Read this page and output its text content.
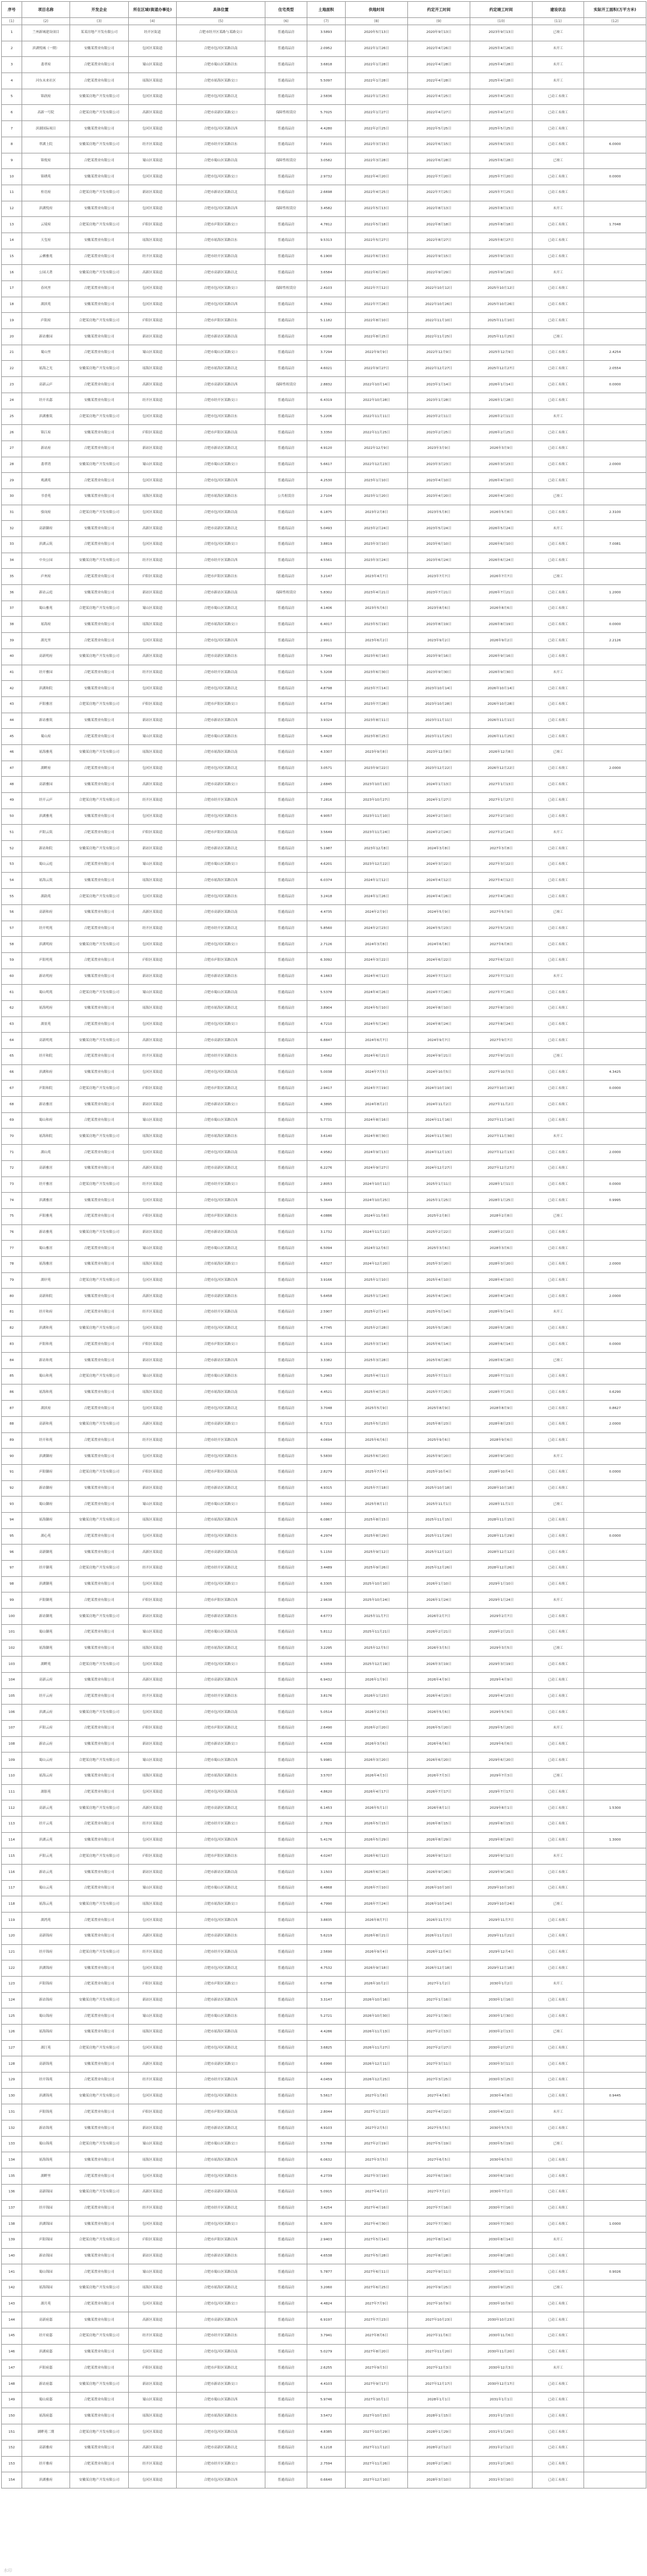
序号	项目名称	开发企业	所在区域(街道办事处)	具体位置	住宅类型	土地面积	供地时间	约定开工时间	约定竣工时间	建设状态	实际开工面积(万平方米)
(1)	(2)	(3)	(4)	(5)	(6)	(7)	(8)	(9)	(10)	(11)	(12)
1	兰州新城建设项目	某某房地产开发有限公司	经开区街道	合肥市经开区某路与某路交口	普通商品房	3.5893	2020年5月13日	2020年9月13日	2023年9月13日	已竣工	
2	滨湖悦城（一期）	安徽某置业有限公司	包河区某街道	合肥市包河区某路以南	普通商品房	2.0952	2022年1月26日	2022年4月26日	2025年4月26日	未开工	
3	翡翠府	合肥某置业有限公司	蜀山区某街道	合肥市蜀山区某路以东	普通商品房	3.6818	2022年1月28日	2022年4月28日	2025年4月28日	未开工	
4	河东未来社区	合肥某置业有限公司	瑶海区某街道	合肥市瑶海区某路交口	普通商品房	5.5097	2022年1月28日	2022年4月28日	2025年4月28日	未开工	
5	锦润府	安徽某房地产开发有限公司	包河区某街道	合肥市包河区某路以北	普通商品房	2.5836	2022年1月25日	2022年4月25日	2025年4月25日	已动工未竣工	
6	高新一号院	合肥某房地产开发有限公司	高新区某街道	合肥市高新区某路交口	保障性租赁房	5.7025	2022年1月27日	2022年4月27日	2025年4月27日	已动工未竣工	
7	滨湖国际项目	安徽某置业有限公司	包河区某街道	合肥市包河区某路以西	普通商品房	4.4280	2022年2月25日	2022年5月25日	2025年5月25日	已动工未竣工	
8	翠湖上院	安徽某房地产开发有限公司	经开区某街道	合肥市经开区某路以东	普通商品房	7.8101	2022年3月15日	2022年6月15日	2025年6月15日	已动工未竣工	6.0000
9	锦悦府	合肥某置业有限公司	蜀山区某街道	合肥市蜀山区某路以南	保障性租赁房	3.0582	2022年3月28日	2022年6月28日	2025年6月28日	已竣工	
10	锦绣苑	安徽某置业有限公司	包河区某街道	合肥市包河区某路交口	普通商品房	2.9732	2022年4月20日	2022年7月20日	2025年7月20日	已动工未竣工	0.0000
11	桂语府	合肥某房地产开发有限公司	新站区某街道	合肥市新站区某路以北	普通商品房	2.6698	2022年4月25日	2022年7月25日	2025年7月25日	已动工未竣工	
12	滨湖悦府	安徽某置业有限公司	包河区某街道	合肥市包河区某路以西	保障性租赁房	3.4582	2022年5月13日	2022年8月13日	2025年8月13日	未开工	
13	云境府	合肥某房地产开发有限公司	庐阳区某街道	合肥市庐阳区某路交口	普通商品房	4.7812	2022年5月18日	2022年8月18日	2025年8月18日	已动工未竣工	1.7048
14	天玺府	安徽某置业有限公司	瑶海区某街道	合肥市瑶海区某路以东	普通商品房	9.5313	2022年5月27日	2022年8月27日	2025年8月27日	已动工未竣工	
15	云栖雅苑	合肥某置业有限公司	经开区某街道	合肥市经开区某路以南	普通商品房	6.1900	2022年6月15日	2022年9月15日	2025年9月15日	已动工未竣工	
16	公园天著	安徽某房地产开发有限公司	高新区某街道	合肥市高新区某路以北	普通商品房	3.6584	2022年6月29日	2022年9月29日	2025年9月29日	未开工	
17	春风里	合肥某置业有限公司	包河区某街道	合肥市包河区某路交口	保障性租赁房	2.4103	2022年7月12日	2022年10月12日	2025年10月12日	已动工未竣工	
18	湖滨苑	安徽某置业有限公司	包河区某街道	合肥市包河区某路以西	普通商品房	4.3592	2022年7月26日	2022年10月26日	2025年10月26日	已动工未竣工	
19	庐阳府	合肥某房地产开发有限公司	庐阳区某街道	合肥市庐阳区某路以东	普通商品房	5.1182	2022年8月10日	2022年11月10日	2025年11月10日	已动工未竣工	
20	新站雅园	安徽某置业有限公司	新站区某街道	合肥市新站区某路以南	普通商品房	4.0268	2022年8月25日	2022年11月25日	2025年11月25日	已竣工	
21	蜀山里	合肥某置业有限公司	蜀山区某街道	合肥市蜀山区某路交口	普通商品房	3.7294	2022年9月9日	2022年12月9日	2025年12月9日	已动工未竣工	2.4254
22	瑶海之光	安徽某房地产开发有限公司	瑶海区某街道	合肥市瑶海区某路以北	普通商品房	4.6021	2022年9月27日	2022年12月27日	2025年12月27日	已动工未竣工	2.0554
23	高新云庐	合肥某置业有限公司	高新区某街道	合肥市高新区某路以西	保障性租赁房	2.8832	2022年10月14日	2023年1月14日	2026年1月14日	已动工未竣工	0.0000
24	经开名邸	安徽某置业有限公司	经开区某街道	合肥市经开区某路交口	普通商品房	6.4319	2022年10月28日	2023年1月28日	2026年1月28日	已动工未竣工	
25	滨湖雅筑	合肥某房地产开发有限公司	包河区某街道	合肥市包河区某路以东	普通商品房	5.2206	2022年11月11日	2023年2月11日	2026年2月11日	未开工	
26	锦江府	安徽某置业有限公司	庐阳区某街道	合肥市庐阳区某路以南	普通商品房	3.3350	2022年11月25日	2023年2月25日	2026年2月25日	已动工未竣工	
27	新站府	合肥某置业有限公司	新站区某街道	合肥市新站区某路以北	普通商品房	4.9120	2022年12月9日	2023年3月9日	2026年3月9日	已动工未竣工	
28	翡翠湾	安徽某房地产开发有限公司	蜀山区某街道	合肥市蜀山区某路交口	普通商品房	5.6617	2022年12月23日	2023年3月23日	2026年3月23日	已动工未竣工	2.0000
29	观湖苑	合肥某置业有限公司	包河区某街道	合肥市包河区某路以西	普通商品房	4.2530	2023年1月10日	2023年4月10日	2026年4月10日	已动工未竣工	
30	书香苑	安徽某置业有限公司	瑶海区某街道	合肥市瑶海区某路以东	公共租赁房	2.7104	2023年1月20日	2023年4月20日	2026年4月20日	已竣工	
31	骆岗府	合肥某房地产开发有限公司	包河区某街道	合肥市包河区某路以南	普通商品房	6.1875	2023年2月8日	2023年5月8日	2026年5月8日	已动工未竣工	2.3100
32	高新御府	安徽某置业有限公司	高新区某街道	合肥市高新区某路以北	普通商品房	5.0493	2023年2月24日	2023年5月24日	2026年5月24日	未开工	
33	滨湖云筑	合肥某置业有限公司	包河区某街道	合肥市包河区某路交口	普通商品房	3.8819	2023年3月10日	2023年6月10日	2026年6月10日	已动工未竣工	7.0081
34	中央公园	安徽某房地产开发有限公司	经开区某街道	合肥市经开区某路以西	普通商品房	4.5561	2023年3月24日	2023年6月24日	2026年6月24日	已动工未竣工	
35	庐州府	合肥某置业有限公司	庐阳区某街道	合肥市庐阳区某路以东	普通商品房	3.2147	2023年4月7日	2023年7月7日	2026年7月7日	已竣工	
36	新站云庭	安徽某置业有限公司	新站区某街道	合肥市新站区某路以南	保障性租赁房	5.8302	2023年4月21日	2023年7月21日	2026年7月21日	已动工未竣工	1.2000
37	蜀山雅苑	合肥某房地产开发有限公司	蜀山区某街道	合肥市蜀山区某路以北	普通商品房	4.1406	2023年5月6日	2023年8月6日	2026年8月6日	已动工未竣工	
38	瑶海府	安徽某置业有限公司	瑶海区某街道	合肥市瑶海区某路交口	普通商品房	6.4017	2023年5月19日	2023年8月19日	2026年8月19日	已动工未竣工	0.0000
39	湖光里	合肥某置业有限公司	包河区某街道	合肥市包河区某路以西	普通商品房	2.9911	2023年6月2日	2023年9月2日	2026年9月2日	已动工未竣工	2.2126
40	高新明府	安徽某房地产开发有限公司	高新区某街道	合肥市高新区某路以东	普通商品房	3.7943	2023年6月16日	2023年9月16日	2026年9月16日	已动工未竣工	
41	经开雅园	合肥某置业有限公司	经开区某街道	合肥市经开区某路以南	普通商品房	5.3208	2023年6月30日	2023年9月30日	2026年9月30日	未开工	
42	滨湖和院	安徽某置业有限公司	包河区某街道	合肥市包河区某路以北	普通商品房	4.8798	2023年7月14日	2023年10月14日	2026年10月14日	已动工未竣工	
43	庐阳雅居	合肥某房地产开发有限公司	庐阳区某街道	合肥市庐阳区某路交口	普通商品房	6.6734	2023年7月28日	2023年10月28日	2026年10月28日	已动工未竣工	
44	新站雅筑	安徽某置业有限公司	新站区某街道	合肥市新站区某路以西	普通商品房	3.9324	2023年8月11日	2023年11月11日	2026年11月11日	已动工未竣工	
45	蜀山府	合肥某置业有限公司	蜀山区某街道	合肥市蜀山区某路以东	普通商品房	5.4428	2023年8月25日	2023年11月25日	2026年11月25日	已动工未竣工	
46	瑶海雅苑	安徽某房地产开发有限公司	瑶海区某街道	合肥市瑶海区某路以南	普通商品房	4.3307	2023年9月8日	2023年12月8日	2026年12月8日	已竣工	
47	湖畔府	合肥某置业有限公司	包河区某街道	合肥市包河区某路以北	普通商品房	3.0571	2023年9月22日	2023年12月22日	2026年12月22日	已动工未竣工	2.0000
48	高新雅园	安徽某置业有限公司	高新区某街道	合肥市高新区某路交口	普通商品房	2.6845	2023年10月13日	2024年1月13日	2027年1月13日	已动工未竣工	
49	经开云庐	合肥某房地产开发有限公司	经开区某街道	合肥市经开区某路以西	普通商品房	7.2816	2023年10月27日	2024年1月27日	2027年1月27日	已动工未竣工	
50	滨湖雅苑	安徽某置业有限公司	包河区某街道	合肥市包河区某路以东	普通商品房	4.9057	2023年11月10日	2024年2月10日	2027年2月10日	已动工未竣工	
51	庐阳云筑	合肥某置业有限公司	庐阳区某街道	合肥市庐阳区某路以南	普通商品房	3.5649	2023年11月24日	2024年2月24日	2027年2月24日	未开工	
52	新站和院	安徽某房地产开发有限公司	新站区某街道	合肥市新站区某路以北	普通商品房	5.1987	2023年12月8日	2024年3月8日	2027年3月8日	已动工未竣工	
53	蜀山云庭	合肥某置业有限公司	蜀山区某街道	合肥市蜀山区某路交口	普通商品房	4.6201	2023年12月22日	2024年3月22日	2027年3月22日	已动工未竣工	
54	瑶海云筑	安徽某置业有限公司	瑶海区某街道	合肥市瑶海区某路以西	普通商品房	6.0374	2024年1月12日	2024年4月12日	2027年4月12日	已动工未竣工	
55	湖韵苑	合肥某房地产开发有限公司	包河区某街道	合肥市包河区某路以东	普通商品房	3.2418	2024年1月26日	2024年4月26日	2027年4月26日	已动工未竣工	
56	高新和府	安徽某置业有限公司	高新区某街道	合肥市高新区某路以南	普通商品房	4.4735	2024年2月9日	2024年5月9日	2027年5月9日	已竣工	
57	经开明苑	合肥某置业有限公司	经开区某街道	合肥市经开区某路以北	普通商品房	5.8560	2024年2月23日	2024年5月23日	2027年5月23日	已动工未竣工	
58	滨湖明府	安徽某房地产开发有限公司	包河区某街道	合肥市包河区某路交口	普通商品房	2.7126	2024年3月8日	2024年6月8日	2027年6月8日	已动工未竣工	
59	庐阳明苑	合肥某置业有限公司	庐阳区某街道	合肥市庐阳区某路以西	普通商品房	6.3092	2024年3月22日	2024年6月22日	2027年6月22日	已动工未竣工	
60	新站明府	安徽某置业有限公司	新站区某街道	合肥市新站区某路以东	普通商品房	4.1663	2024年4月12日	2024年7月12日	2027年7月12日	未开工	
61	蜀山明苑	合肥某房地产开发有限公司	蜀山区某街道	合肥市蜀山区某路以南	普通商品房	5.5378	2024年4月26日	2024年7月26日	2027年7月26日	已动工未竣工	
62	瑶海明府	安徽某置业有限公司	瑶海区某街道	合肥市瑶海区某路以北	普通商品房	3.8904	2024年5月10日	2024年8月10日	2027年8月10日	已动工未竣工	
63	湖景苑	合肥某置业有限公司	包河区某街道	合肥市包河区某路交口	普通商品房	4.7210	2024年5月24日	2024年8月24日	2027年8月24日	已动工未竣工	
64	高新明苑	安徽某房地产开发有限公司	高新区某街道	合肥市高新区某路以西	普通商品房	6.8847	2024年6月7日	2024年9月7日	2027年9月7日	已动工未竣工	
65	经开和院	合肥某置业有限公司	经开区某街道	合肥市经开区某路以东	普通商品房	3.4562	2024年6月21日	2024年9月21日	2027年9月21日	已竣工	
66	滨湖和府	安徽某置业有限公司	包河区某街道	合肥市包河区某路以南	普通商品房	5.0038	2024年7月5日	2024年10月5日	2027年10月5日	已动工未竣工	4.3425
67	庐阳和院	合肥某房地产开发有限公司	庐阳区某街道	合肥市庐阳区某路以北	普通商品房	2.9417	2024年7月19日	2024年10月19日	2027年10月19日	已动工未竣工	0.0000
68	新站雅居	安徽某置业有限公司	新站区某街道	合肥市新站区某路交口	普通商品房	4.3895	2024年8月2日	2024年11月2日	2027年11月2日	已动工未竣工	
69	蜀山和府	合肥某置业有限公司	蜀山区某街道	合肥市蜀山区某路以西	普通商品房	5.7731	2024年8月16日	2024年11月16日	2027年11月16日	已动工未竣工	
70	瑶海和院	安徽某房地产开发有限公司	瑶海区某街道	合肥市瑶海区某路以东	普通商品房	3.6140	2024年8月30日	2024年11月30日	2027年11月30日	未开工	
71	湖山苑	合肥某置业有限公司	包河区某街道	合肥市包河区某路以南	普通商品房	4.9582	2024年9月13日	2024年12月13日	2027年12月13日	已动工未竣工	2.0000
72	高新雅居	安徽某置业有限公司	高新区某街道	合肥市高新区某路以北	普通商品房	6.2276	2024年9月27日	2024年12月27日	2027年12月27日	已动工未竣工	
73	经开雅居	合肥某房地产开发有限公司	经开区某街道	合肥市经开区某路交口	普通商品房	2.8053	2024年10月11日	2025年1月11日	2028年1月11日	已动工未竣工	0.0000
74	滨湖雅居	安徽某置业有限公司	包河区某街道	合肥市包河区某路以西	普通商品房	5.3649	2024年10月25日	2025年1月25日	2028年1月25日	已动工未竣工	0.9995
75	庐阳雅苑	合肥某置业有限公司	庐阳区某街道	合肥市庐阳区某路以东	普通商品房	4.0886	2024年11月8日	2025年2月8日	2028年2月8日	已竣工	
76	新站雅苑	安徽某房地产开发有限公司	新站区某街道	合肥市新站区某路以南	普通商品房	3.1732	2024年11月22日	2025年2月22日	2028年2月22日	已动工未竣工	
77	蜀山雅居	合肥某置业有限公司	蜀山区某街道	合肥市蜀山区某路以北	普通商品房	6.5094	2024年12月6日	2025年3月6日	2028年3月6日	已动工未竣工	
78	瑶海雅居	安徽某置业有限公司	瑶海区某街道	合肥市瑶海区某路交口	普通商品房	4.8327	2024年12月20日	2025年3月20日	2028年3月20日	已动工未竣工	2.0000
79	湖岸苑	合肥某房地产开发有限公司	包河区某街道	合肥市包河区某路以西	普通商品房	3.9166	2025年1月10日	2025年4月10日	2028年4月10日	已动工未竣工	
80	高新和院	安徽某置业有限公司	高新区某街道	合肥市高新区某路以东	普通商品房	5.6458	2025年1月24日	2025年4月24日	2028年4月24日	已动工未竣工	2.0000
81	经开和府	合肥某置业有限公司	经开区某街道	合肥市经开区某路以南	普通商品房	2.5907	2025年2月14日	2025年5月14日	2028年5月14日	未开工	
82	滨湖和苑	安徽某房地产开发有限公司	包河区某街道	合肥市包河区某路以北	普通商品房	4.7745	2025年2月28日	2025年5月28日	2028年5月28日	已动工未竣工	
83	庐阳和苑	合肥某置业有限公司	庐阳区某街道	合肥市庐阳区某路交口	普通商品房	6.1019	2025年3月14日	2025年6月14日	2028年6月14日	已动工未竣工	0.0000
84	新站和苑	安徽某置业有限公司	新站区某街道	合肥市新站区某路以西	普通商品房	3.3382	2025年3月28日	2025年6月28日	2028年6月28日	已竣工	
85	蜀山和苑	合肥某房地产开发有限公司	蜀山区某街道	合肥市蜀山区某路以东	普通商品房	5.2963	2025年4月11日	2025年7月11日	2028年7月11日	已动工未竣工	
86	瑶海和苑	安徽某置业有限公司	瑶海区某街道	合肥市瑶海区某路以南	普通商品房	4.4521	2025年4月25日	2025年7月25日	2028年7月25日	已动工未竣工	0.6290
87	湖滨府	合肥某置业有限公司	包河区某街道	合肥市包河区某路以北	普通商品房	3.7048	2025年5月9日	2025年8月9日	2028年8月9日	已动工未竣工	0.8627
88	高新和苑	安徽某房地产开发有限公司	高新区某街道	合肥市高新区某路交口	普通商品房	6.7213	2025年5月23日	2025年8月23日	2028年8月23日	已动工未竣工	2.0000
89	经开和苑	合肥某置业有限公司	经开区某街道	合肥市经开区某路以西	普通商品房	4.0694	2025年6月6日	2025年9月6日	2028年9月6日	已动工未竣工	
90	滨湖御府	安徽某置业有限公司	包河区某街道	合肥市包河区某路以东	普通商品房	5.5830	2025年6月20日	2025年9月20日	2028年9月20日	未开工	
91	庐阳御府	合肥某房地产开发有限公司	庐阳区某街道	合肥市庐阳区某路以南	普通商品房	2.8279	2025年7月4日	2025年10月4日	2028年10月4日	已动工未竣工	0.0000
92	新站御府	安徽某置业有限公司	新站区某街道	合肥市新站区某路以北	普通商品房	4.9315	2025年7月18日	2025年10月18日	2028年10月18日	已动工未竣工	
93	蜀山御府	合肥某置业有限公司	蜀山区某街道	合肥市蜀山区某路交口	普通商品房	3.6002	2025年8月1日	2025年11月1日	2028年11月1日	已竣工	
94	瑶海御府	安徽某房地产开发有限公司	瑶海区某街道	合肥市瑶海区某路以西	普通商品房	6.0867	2025年8月15日	2025年11月15日	2028年11月15日	已动工未竣工	
95	湖心苑	合肥某置业有限公司	包河区某街道	合肥市包河区某路以东	普通商品房	4.2974	2025年8月29日	2025年11月29日	2028年11月29日	已动工未竣工	0.0000
96	高新御苑	安徽某置业有限公司	高新区某街道	合肥市高新区某路以南	普通商品房	5.1150	2025年9月12日	2025年12月12日	2028年12月12日	已动工未竣工	
97	经开御苑	合肥某房地产开发有限公司	经开区某街道	合肥市经开区某路以北	普通商品房	3.4489	2025年9月26日	2025年12月26日	2028年12月26日	已动工未竣工	
98	滨湖御苑	安徽某置业有限公司	包河区某街道	合肥市包河区某路交口	普通商品房	6.3305	2025年10月10日	2026年1月10日	2029年1月10日	已动工未竣工	
99	庐阳御苑	合肥某置业有限公司	庐阳区某街道	合肥市庐阳区某路以西	普通商品房	2.9638	2025年10月24日	2026年1月24日	2029年1月24日	未开工	
100	新站御苑	安徽某房地产开发有限公司	新站区某街道	合肥市新站区某路以东	普通商品房	4.6773	2025年11月7日	2026年2月7日	2029年2月7日	已动工未竣工	
101	蜀山御苑	合肥某置业有限公司	蜀山区某街道	合肥市蜀山区某路以南	普通商品房	5.8112	2025年11月21日	2026年2月21日	2029年2月21日	已动工未竣工	
102	瑶海御苑	安徽某置业有限公司	瑶海区某街道	合肥市瑶海区某路以北	普通商品房	3.2295	2025年12月5日	2026年3月5日	2029年3月5日	已竣工	
103	湖畔苑	合肥某房地产开发有限公司	包河区某街道	合肥市包河区某路交口	普通商品房	4.5059	2025年12月19日	2026年3月19日	2029年3月19日	已动工未竣工	
104	高新云府	安徽某置业有限公司	高新区某街道	合肥市高新区某路以西	普通商品房	6.9432	2026年1月9日	2026年4月9日	2029年4月9日	已动工未竣工	
105	经开云府	合肥某置业有限公司	经开区某街道	合肥市经开区某路以东	普通商品房	3.8176	2026年1月23日	2026年4月23日	2029年4月23日	已动工未竣工	
106	滨湖云府	安徽某房地产开发有限公司	包河区某街道	合肥市包河区某路以南	普通商品房	5.0514	2026年2月6日	2026年5月6日	2029年5月6日	已动工未竣工	
107	庐阳云府	合肥某置业有限公司	庐阳区某街道	合肥市庐阳区某路以北	普通商品房	2.6490	2026年2月20日	2026年5月20日	2029年5月20日	未开工	
108	新站云府	安徽某置业有限公司	新站区某街道	合肥市新站区某路交口	普通商品房	4.4338	2026年3月6日	2026年6月6日	2029年6月6日	已动工未竣工	
109	蜀山云府	合肥某房地产开发有限公司	蜀山区某街道	合肥市蜀山区某路以西	普通商品房	5.9981	2026年3月20日	2026年6月20日	2029年6月20日	已动工未竣工	
110	瑶海云府	安徽某置业有限公司	瑶海区某街道	合肥市瑶海区某路以东	普通商品房	3.5707	2026年4月3日	2026年7月3日	2029年7月3日	已竣工	
111	湖影苑	合肥某置业有限公司	包河区某街道	合肥市包河区某路以南	普通商品房	4.8620	2026年4月17日	2026年7月17日	2029年7月17日	已动工未竣工	
112	高新云苑	安徽某房地产开发有限公司	高新区某街道	合肥市高新区某路以北	普通商品房	6.1453	2026年5月1日	2026年8月1日	2029年8月1日	已动工未竣工	1.5300
113	经开云苑	合肥某置业有限公司	经开区某街道	合肥市经开区某路交口	普通商品房	2.7829	2026年5月15日	2026年8月15日	2029年8月15日	已动工未竣工	
114	滨湖云苑	安徽某置业有限公司	包河区某街道	合肥市包河区某路以西	普通商品房	5.4176	2026年5月29日	2026年8月29日	2029年8月29日	已动工未竣工	1.3000
115	庐阳云苑	合肥某房地产开发有限公司	庐阳区某街道	合肥市庐阳区某路以东	普通商品房	4.0247	2026年6月12日	2026年9月12日	2029年9月12日	未开工	
116	新站云苑	安徽某置业有限公司	新站区某街道	合肥市新站区某路以南	普通商品房	3.1503	2026年6月26日	2026年9月26日	2029年9月26日	已动工未竣工	
117	蜀山云苑	合肥某置业有限公司	蜀山区某街道	合肥市蜀山区某路以北	普通商品房	6.4868	2026年7月10日	2026年10月10日	2029年10月10日	已动工未竣工	
118	瑶海云苑	安徽某房地产开发有限公司	瑶海区某街道	合肥市瑶海区某路交口	普通商品房	4.7990	2026年7月24日	2026年10月24日	2029年10月24日	已竣工	
119	湖湾苑	合肥某置业有限公司	包河区某街道	合肥市包河区某路以西	普通商品房	3.8835	2026年8月7日	2026年11月7日	2029年11月7日	已动工未竣工	
120	高新锦府	安徽某置业有限公司	高新区某街道	合肥市高新区某路以东	普通商品房	5.6219	2026年8月21日	2026年11月21日	2029年11月21日	已动工未竣工	
121	经开锦府	合肥某房地产开发有限公司	经开区某街道	合肥市经开区某路以南	普通商品房	2.5690	2026年9月4日	2026年12月4日	2029年12月4日	已动工未竣工	
122	滨湖锦府	安徽某置业有限公司	包河区某街道	合肥市包河区某路以北	普通商品房	4.7532	2026年9月18日	2026年12月18日	2029年12月18日	已动工未竣工	
123	庐阳锦府	合肥某置业有限公司	庐阳区某街道	合肥市庐阳区某路交口	普通商品房	6.0798	2026年10月2日	2027年1月2日	2030年1月2日	未开工	
124	新站锦府	安徽某房地产开发有限公司	新站区某街道	合肥市新站区某路以西	普通商品房	3.3147	2026年10月16日	2027年1月16日	2030年1月16日	已动工未竣工	
125	蜀山锦府	合肥某置业有限公司	蜀山区某街道	合肥市蜀山区某路以东	普通商品房	5.2721	2026年10月30日	2027年1月30日	2030年1月30日	已动工未竣工	
126	瑶海锦府	安徽某置业有限公司	瑶海区某街道	合肥市瑶海区某路以南	普通商品房	4.4286	2026年11月13日	2027年2月13日	2030年2月13日	已竣工	
127	湖汀苑	合肥某房地产开发有限公司	包河区某街道	合肥市包河区某路以北	普通商品房	3.6825	2026年11月27日	2027年2月27日	2030年2月27日	已动工未竣工	
128	高新锦苑	安徽某置业有限公司	高新区某街道	合肥市高新区某路交口	普通商品房	6.6990	2026年12月11日	2027年3月11日	2030年3月11日	已动工未竣工	
129	经开锦苑	合肥某置业有限公司	经开区某街道	合肥市经开区某路以西	普通商品房	4.0459	2026年12月25日	2027年3月25日	2030年3月25日	已动工未竣工	
130	滨湖锦苑	安徽某房地产开发有限公司	包河区某街道	合肥市包河区某路以东	普通商品房	5.5617	2027年1月8日	2027年4月8日	2030年4月8日	已动工未竣工	0.9445
131	庐阳锦苑	合肥某置业有限公司	庐阳区某街道	合肥市庐阳区某路以南	普通商品房	2.8044	2027年1月22日	2027年4月22日	2030年4月22日	未开工	
132	新站锦苑	安徽某置业有限公司	新站区某街道	合肥市新站区某路以北	普通商品房	4.9103	2027年2月5日	2027年5月5日	2030年5月5日	已动工未竣工	
133	蜀山锦苑	合肥某房地产开发有限公司	蜀山区某街道	合肥市蜀山区某路交口	普通商品房	3.5768	2027年2月19日	2027年5月19日	2030年5月19日	已竣工	
134	瑶海锦苑	安徽某置业有限公司	瑶海区某街道	合肥市瑶海区某路以西	普通商品房	6.0632	2027年3月5日	2027年6月5日	2030年6月5日	已动工未竣工	
135	湖畔里	合肥某置业有限公司	包河区某街道	合肥市包河区某路以东	普通商品房	4.2739	2027年3月19日	2027年6月19日	2030年6月19日	已动工未竣工	
136	高新锦园	安徽某房地产开发有限公司	高新区某街道	合肥市高新区某路以南	普通商品房	5.0915	2027年4月2日	2027年7月2日	2030年7月2日	已动工未竣工	
137	经开锦园	合肥某置业有限公司	经开区某街道	合肥市经开区某路以北	普通商品房	3.4254	2027年4月16日	2027年7月16日	2030年7月16日	已动工未竣工	
138	滨湖锦园	安徽某置业有限公司	包河区某街道	合肥市包河区某路交口	普通商品房	6.3070	2027年4月30日	2027年7月30日	2030年7月30日	已动工未竣工	1.0000
139	庐阳锦园	合肥某房地产开发有限公司	庐阳区某街道	合肥市庐阳区某路以西	普通商品房	2.9403	2027年5月14日	2027年8月14日	2030年8月14日	未开工	
140	新站锦园	安徽某置业有限公司	新站区某街道	合肥市新站区某路以东	普通商品房	4.6538	2027年5月28日	2027年8月28日	2030年8月28日	已动工未竣工	
141	蜀山锦园	合肥某置业有限公司	蜀山区某街道	合肥市蜀山区某路以南	普通商品房	5.7877	2027年6月11日	2027年9月11日	2030年9月11日	已动工未竣工	0.9026
142	瑶海锦园	安徽某房地产开发有限公司	瑶海区某街道	合肥市瑶海区某路以北	普通商品房	3.2060	2027年6月25日	2027年9月25日	2030年9月25日	已竣工	
143	湖月苑	合肥某置业有限公司	包河区某街道	合肥市包河区某路交口	普通商品房	4.4824	2027年7月9日	2027年10月9日	2030年10月9日	已动工未竣工	
144	高新府邸	安徽某置业有限公司	高新区某街道	合肥市高新区某路以西	普通商品房	6.9197	2027年7月23日	2027年10月23日	2030年10月23日	已动工未竣工	
145	经开府邸	合肥某房地产开发有限公司	经开区某街道	合肥市经开区某路以东	普通商品房	3.7941	2027年8月6日	2027年11月6日	2030年11月6日	已动工未竣工	
146	滨湖府邸	安徽某置业有限公司	包河区某街道	合肥市包河区某路以南	普通商品房	5.0279	2027年8月20日	2027年11月20日	2030年11月20日	已动工未竣工	
147	庐阳府邸	合肥某置业有限公司	庐阳区某街道	合肥市庐阳区某路以北	普通商品房	2.6255	2027年9月3日	2027年12月3日	2030年12月3日	未开工	
148	新站府邸	安徽某房地产开发有限公司	新站区某街道	合肥市新站区某路交口	普通商品房	4.4103	2027年9月17日	2027年12月17日	2030年12月17日	已动工未竣工	
149	蜀山府邸	合肥某置业有限公司	蜀山区某街道	合肥市蜀山区某路以西	普通商品房	5.9746	2027年10月1日	2028年1月1日	2031年1月1日	已动工未竣工	
150	瑶海府邸	安徽某置业有限公司	瑶海区某街道	合肥市瑶海区某路以东	普通商品房	3.5472	2027年10月15日	2028年1月15日	2031年1月15日	已动工未竣工	
151	湖畔苑二期	合肥某房地产开发有限公司	包河区某街道	合肥市包河区某路以南	普通商品房	4.8385	2027年10月29日	2028年1月29日	2031年1月29日	已动工未竣工	
152	高新雅府	安徽某置业有限公司	高新区某街道	合肥市高新区某路以北	普通商品房	6.1218	2027年11月12日	2028年2月12日	2031年2月12日	已动工未竣工	
153	经开雅府	合肥某置业有限公司	经开区某街道	合肥市经开区某路交口	普通商品房	2.7594	2027年11月26日	2028年2月26日	2031年2月26日	已动工未竣工	
154	滨湖雅府	安徽某房地产开发有限公司	包河区某街道	合肥市包河区某路以西	普通商品房	0.6640	2027年12月10日	2028年3月10日	2031年3月10日	已动工未竣工	
水印
